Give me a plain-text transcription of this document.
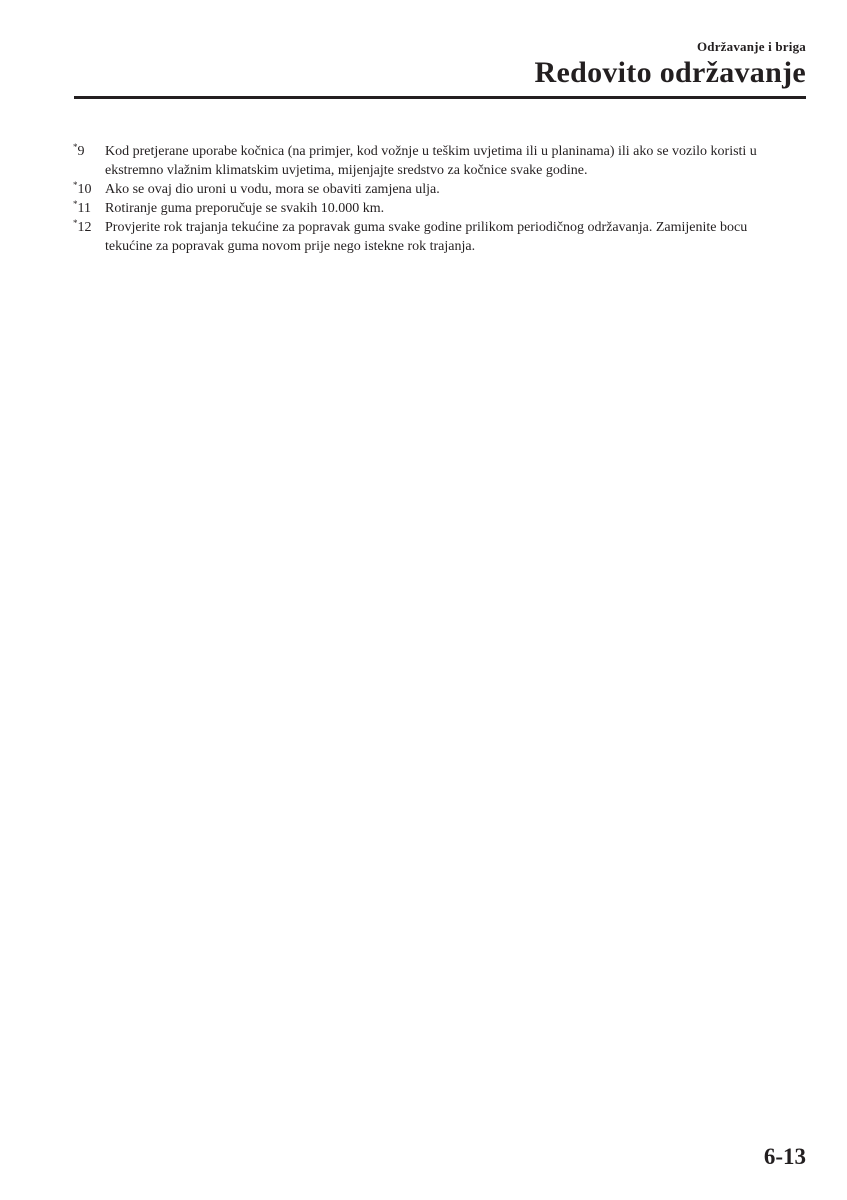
Održavanje i briga
Redovito održavanje
*9	Kod pretjerane uporabe kočnica (na primjer, kod vožnje u teškim uvjetima ili u planinama) ili ako se vozilo koristi u ekstremno vlažnim klimatskim uvjetima, mijenjajte sredstvo za kočnice svake godine.
*10 Ako se ovaj dio uroni u vodu, mora se obaviti zamjena ulja.
*11	Rotiranje guma preporučuje se svakih 10.000 km.
*12 Provjerite rok trajanja tekućine za popravak guma svake godine prilikom periodičnog održavanja. Zamijenite bocu tekućine za popravak guma novom prije nego istekne rok trajanja.
6-13
